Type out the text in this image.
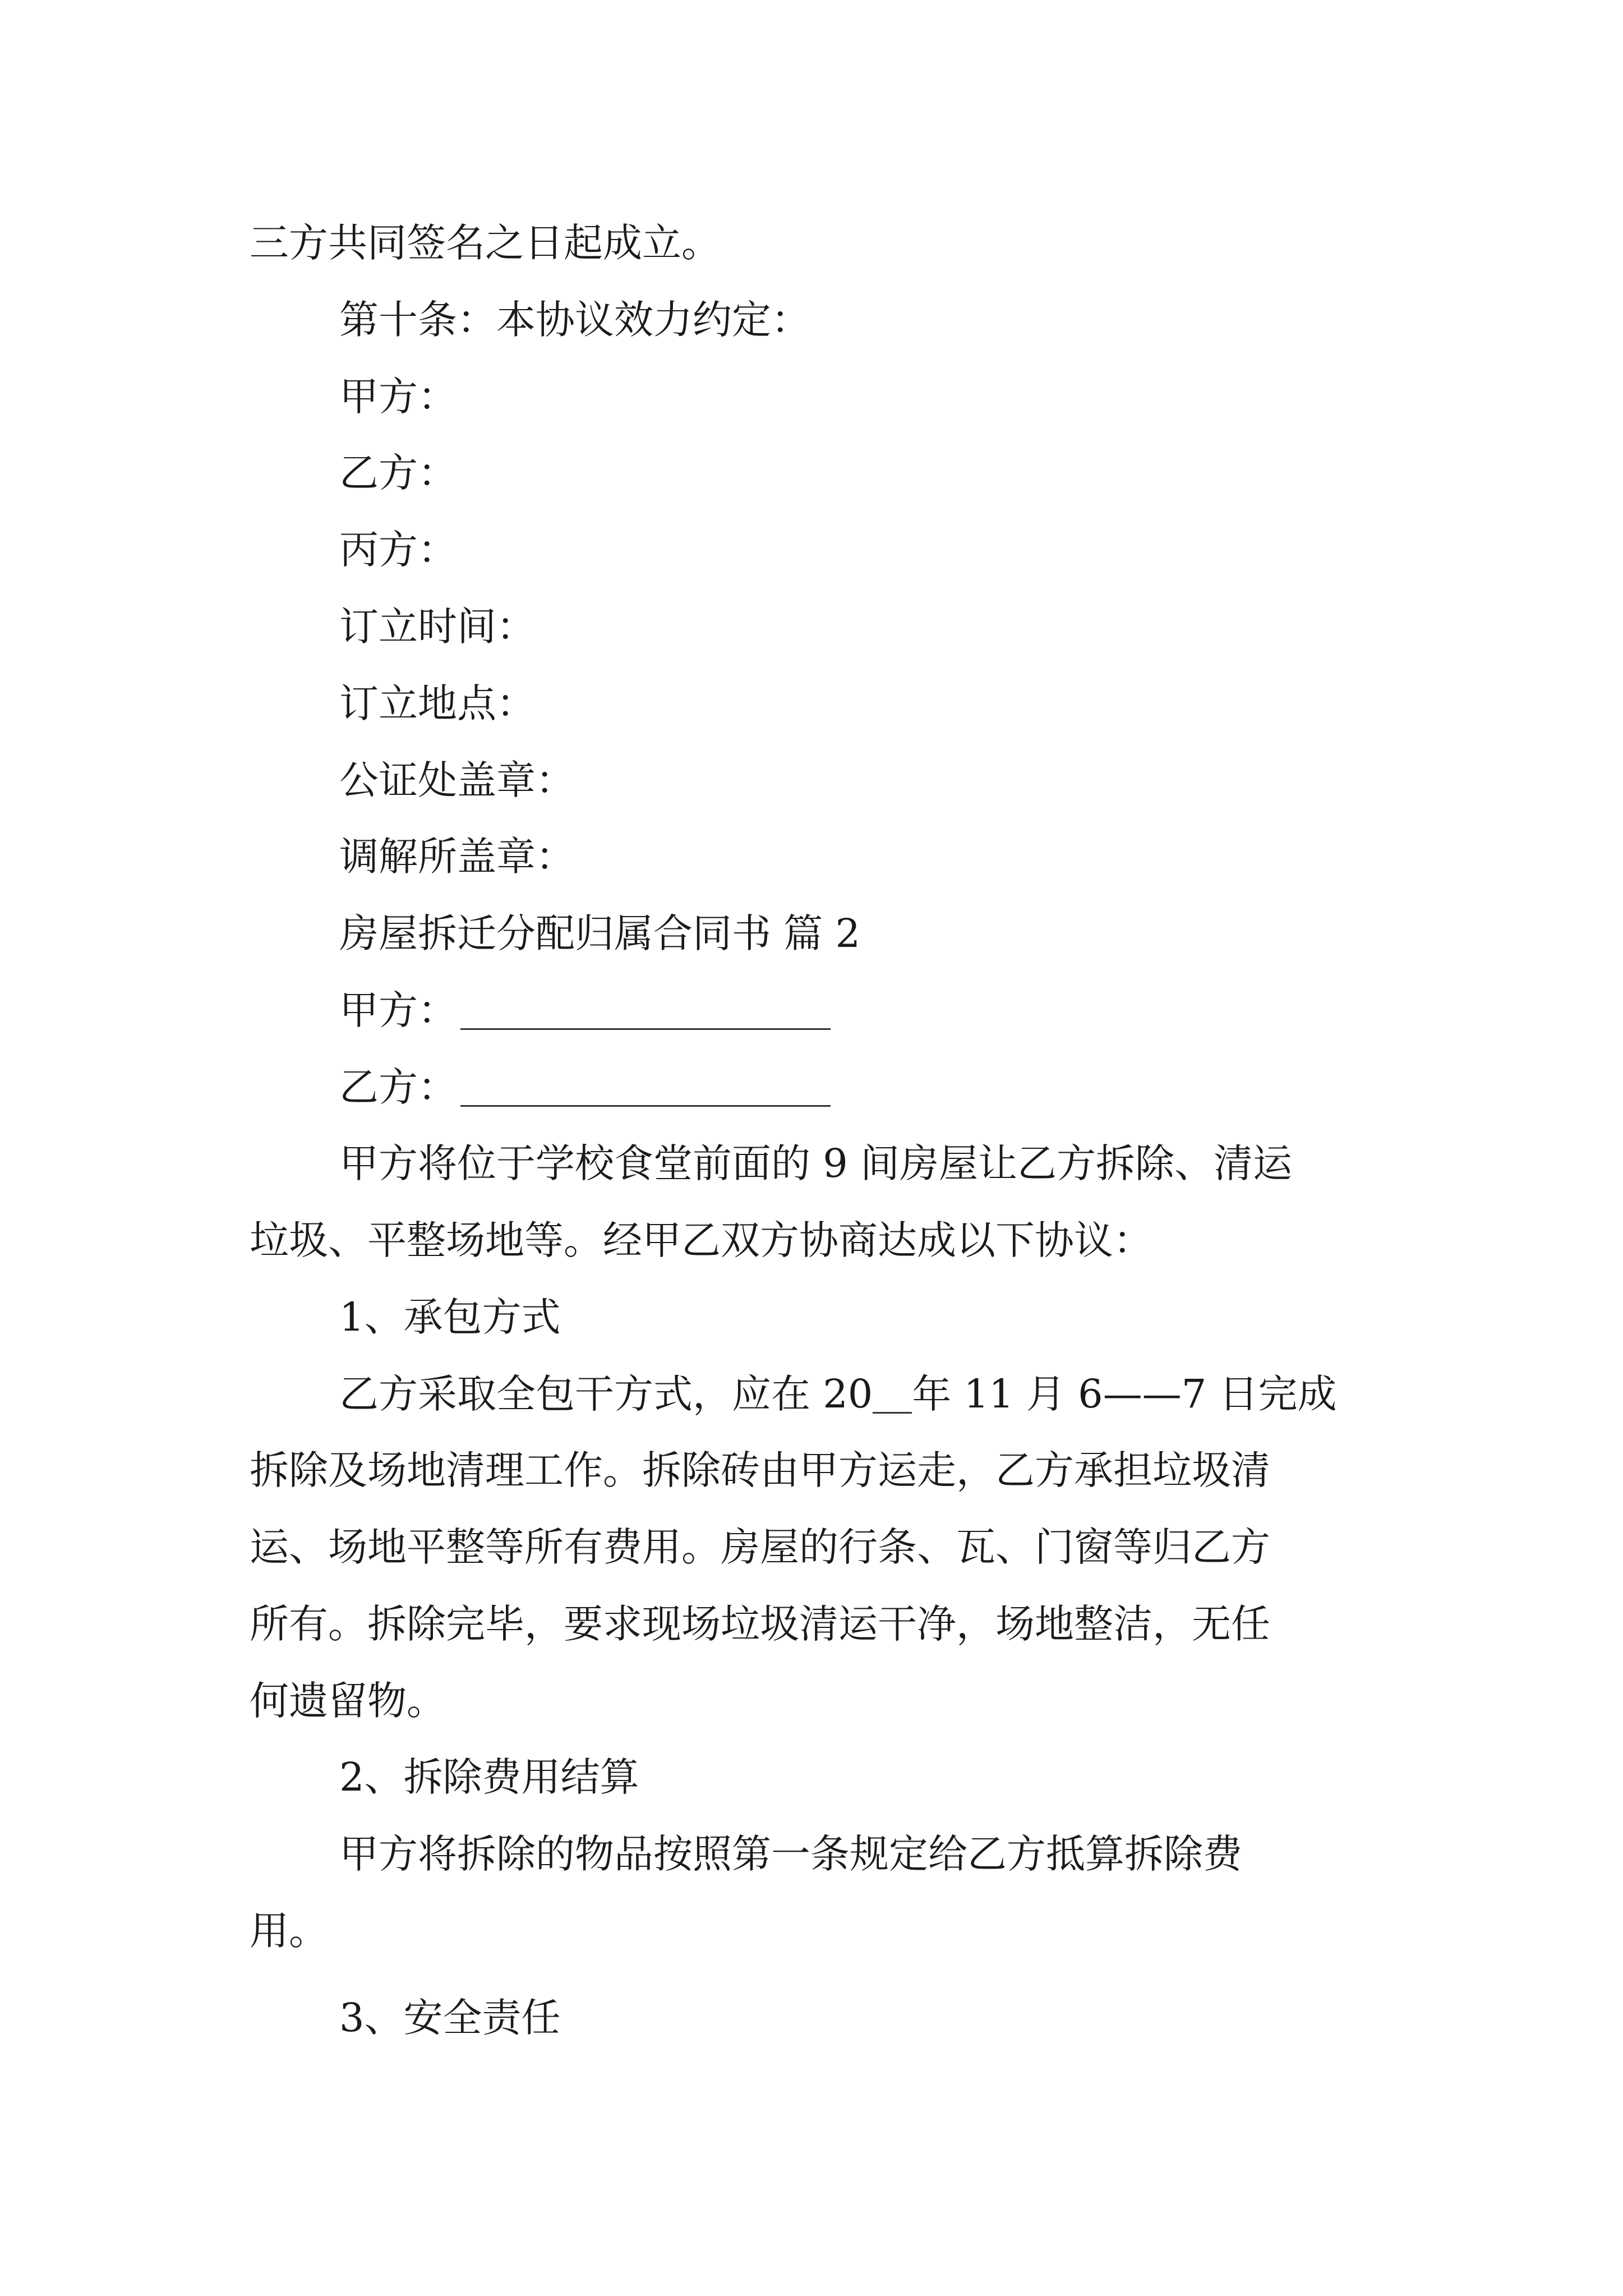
三方共同签名之日起成立。
第十条：本协议效力约定：
甲方：
乙方：
丙方：
订立时间：
订立地点：
公证处盖章：
调解所盖章：
房屋拆迁分配归属合同书 篇 2
甲方：
乙方：
甲方将位于学校食堂前面的 9 间房屋让乙方拆除、清运
垃圾、平整场地等。经甲乙双方协商达成以下协议：
1、承包方式
乙方采取全包干方式，应在 20 年 11 月 6——7 日完成
拆除及场地清理工作。拆除砖由甲方运走，乙方承担垃圾清
运、场地平整等所有费用。房屋的行条、瓦、门窗等归乙方
所有。拆除完毕，要求现场垃圾清运干净，场地整洁，无任
何遗留物。
2、拆除费用结算
甲方将拆除的物品按照第一条规定给乙方抵算拆除费
用。
3、安全责任
